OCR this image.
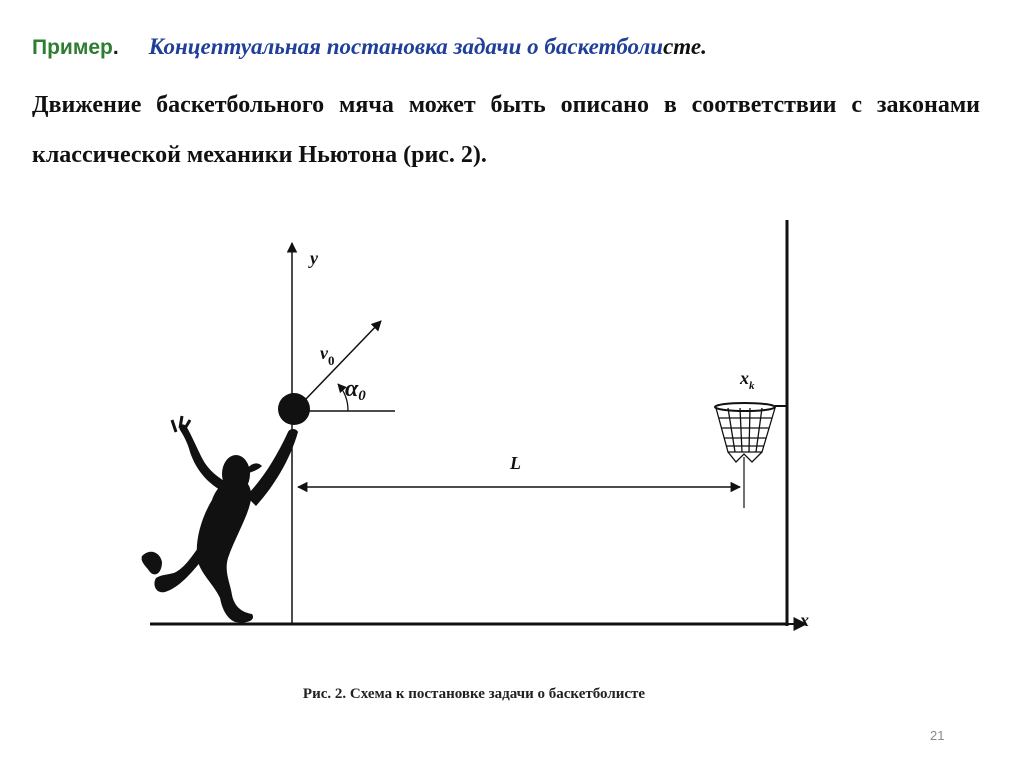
Пример. Концептуальная постановка задачи о баскетболисте.
Движение баскетбольного мяча может быть описано в соответствии с законами классической механики Ньютона (рис. 2).
y
x
$v_0$
α0
L
$x_k$
Рис. 2. Схема к постановке задачи о баскетболисте
21
